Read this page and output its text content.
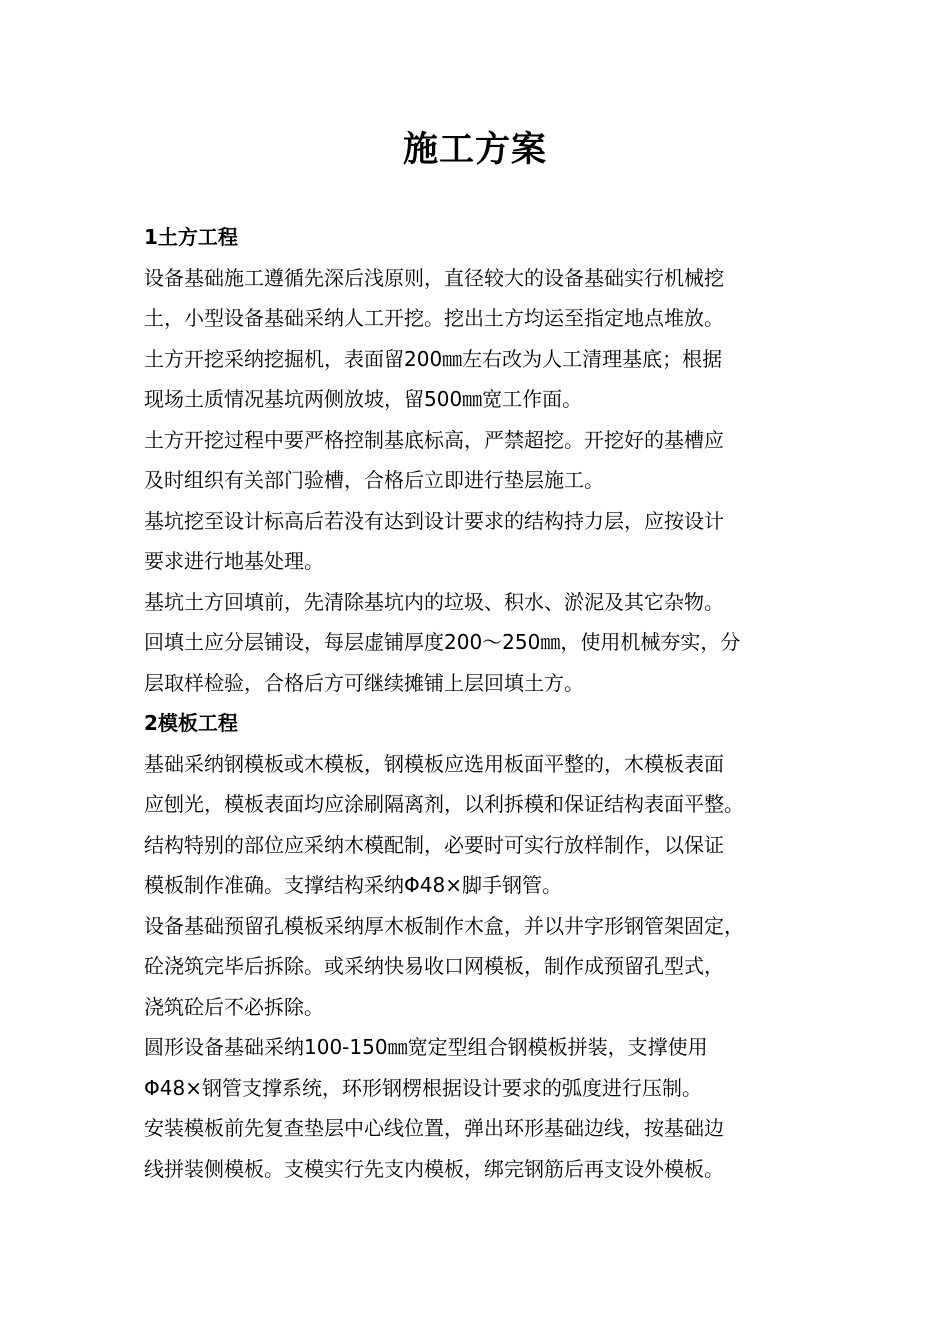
施工方案
1土方工程

设备基础施工遵循先深后浅原则，直径较大的设备基础实行机械挖
土，小型设备基础采纳人工开挖。挖出土方均运至指定地点堆放。

土方开挖采纳挖掘机，表面留200㎜左右改为人工清理基底；根据
现场土质情况基坑两侧放坡，留500㎜宽工作面。

土方开挖过程中要严格控制基底标高，严禁超挖。开挖好的基槽应
及时组织有关部门验槽，合格后立即进行垫层施工。

基坑挖至设计标高后若没有达到设计要求的结构持力层，应按设计
要求进行地基处理。

基坑土方回填前，先清除基坑内的垃圾、积水、淤泥及其它杂物。

回填土应分层铺设，每层虚铺厚度200～250㎜，使用机械夯实，分
层取样检验，合格后方可继续摊铺上层回填土方。

2模板工程

基础采纳钢模板或木模板，钢模板应选用板面平整的，木模板表面
应刨光，模板表面均应涂刷隔离剂，以利拆模和保证结构表面平整。

结构特别的部位应采纳木模配制，必要时可实行放样制作，以保证
模板制作准确。支撑结构采纳Φ48×脚手钢管。

设备基础预留孔模板采纳厚木板制作木盒，并以井字形钢管架固定，
砼浇筑完毕后拆除。或采纳快易收口网模板，制作成预留孔型式，
浇筑砼后不必拆除。

圆形设备基础采纳100-150㎜宽定型组合钢模板拼装，支撑使用
Φ48×钢管支撑系统，环形钢楞根据设计要求的弧度进行压制。

安装模板前先复查垫层中心线位置，弹出环形基础边线，按基础边
线拼装侧模板。支模实行先支内模板，绑完钢筋后再支设外模板。
